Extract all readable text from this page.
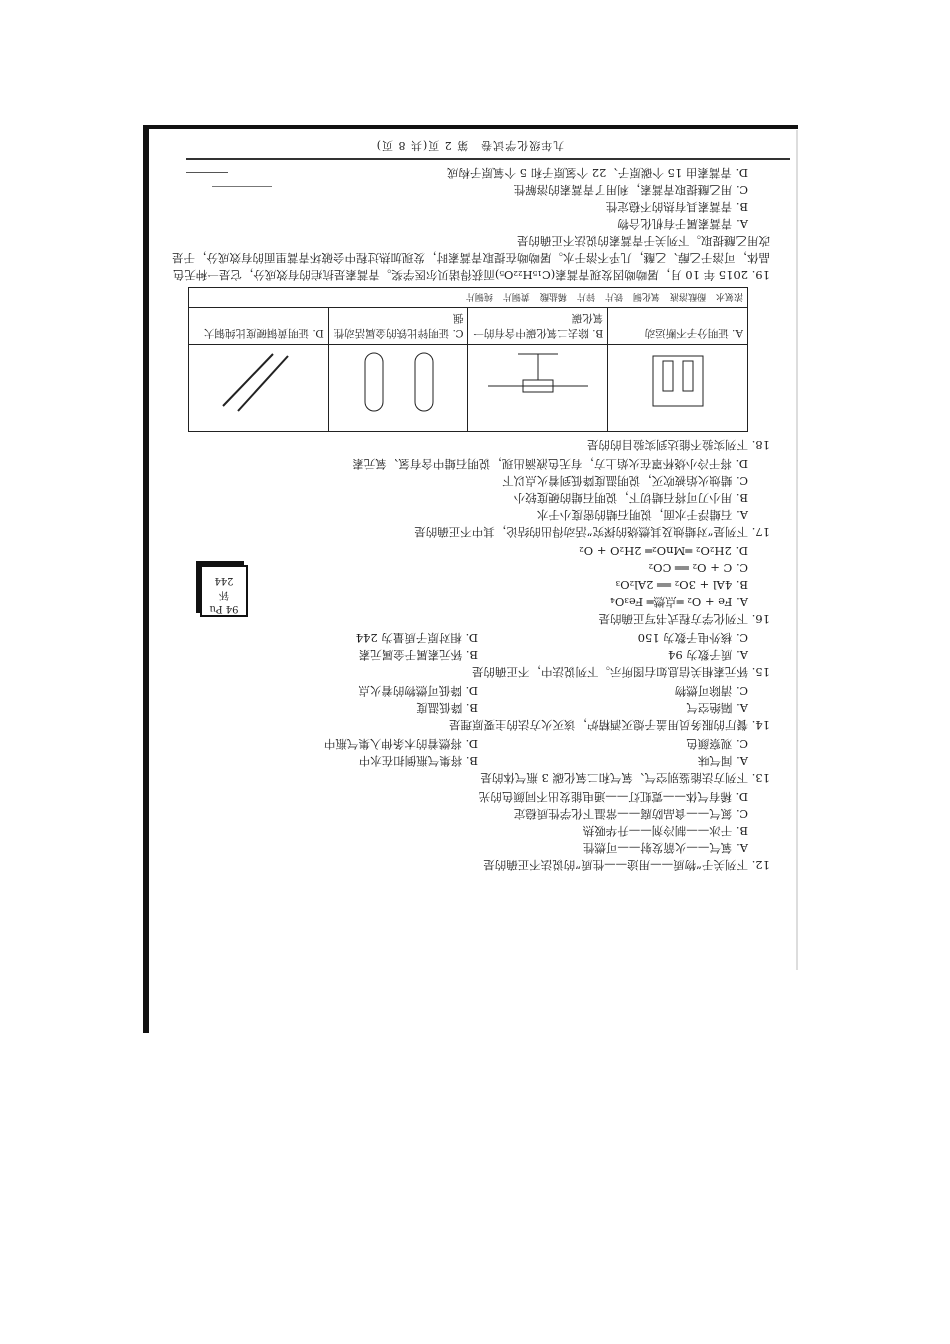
12. 下列关于“物质——用途——性质”的说法不正确的是
A. 氧气——火箭发射——可燃性
B. 干冰——制冷剂——升华吸热
C. 氮气——食品防腐——常温下化学性质稳定
D. 稀有气体——霓虹灯——通电能发出不同颜色的光
13. 下列方法能鉴别空气、氧气和二氧化碳 3 瓶气体的是
A. 闻气味
B. 将集气瓶倒扣在水中
C. 观察颜色
D. 将燃着的木条伸入集气瓶中
14. 餐厅的服务员用盖子熄灭酒精炉，该灭火方法的主要原理是
A. 隔绝空气
B. 降低温度
C. 清除可燃物
D. 降低可燃物的着火点
15. 钚元素相关信息如右图所示。下列说法中，不正确的是
A. 质子数为 94
B. 钚元素属于金属元素
C. 核外电子数为 150
D. 相对原子质量为 244
16. 下列化学方程式书写正确的是
A. Fe + O₂ ═点燃═ Fe₃O₄
B. 4Al + 3O₂ ══ 2Al₂O₃
C. C + O₂ ══ CO₂
D. 2H₂O₂ ═MnO₂═ 2H₂O + O₂
17. 下列是“对蜡烛及其燃烧的探究”活动得出的结论，其中不正确的是
A. 石蜡浮于水面，说明石蜡的密度小于水
B. 用小刀可将石蜡切下，说明石蜡的硬度较小
C. 蜡烛火焰被吹灭，说明温度降低到着火点以下
D. 将干冷小烧杯罩在火焰上方，有无色液滴出现，说明石蜡中含有氢、氧元素
18. 下列实验不能达到实验目的的是

A. 证明分子不断运动	B. 除去二氧化碳中含有的一氧化碳	C. 证明锌比铁的金属活动性强	D. 证明黄铜硬度比纯铜大
浓氨水酚酞溶液氧化铜铁片锌片稀盐酸黄铜片纯铜片			
19. 2015 年 10 月，屠呦呦因发现青蒿素(C₁₅H₂₂O₅)而获得诺贝尔医学奖。青蒿素是抗疟的有效成分，它是一种无色晶体，可溶于乙醇、乙醚，几乎不溶于水。屠呦呦在提取青蒿素时，发现加热过程中会破坏青蒿里面的有效成分，于是改用乙醚提取。下列关于青蒿素的说法不正确的是
A. 青蒿素属于有机化合物
B. 青蒿素具有热的不稳定性
C. 用乙醚提取青蒿素，利用了青蒿素的溶解性
D. 青蒿素由 15 个碳原子、22 个氢原子和 5 个氧原子构成
94 Pu
钚
244
九年级化学试卷　第 2 页(共 8 页)
